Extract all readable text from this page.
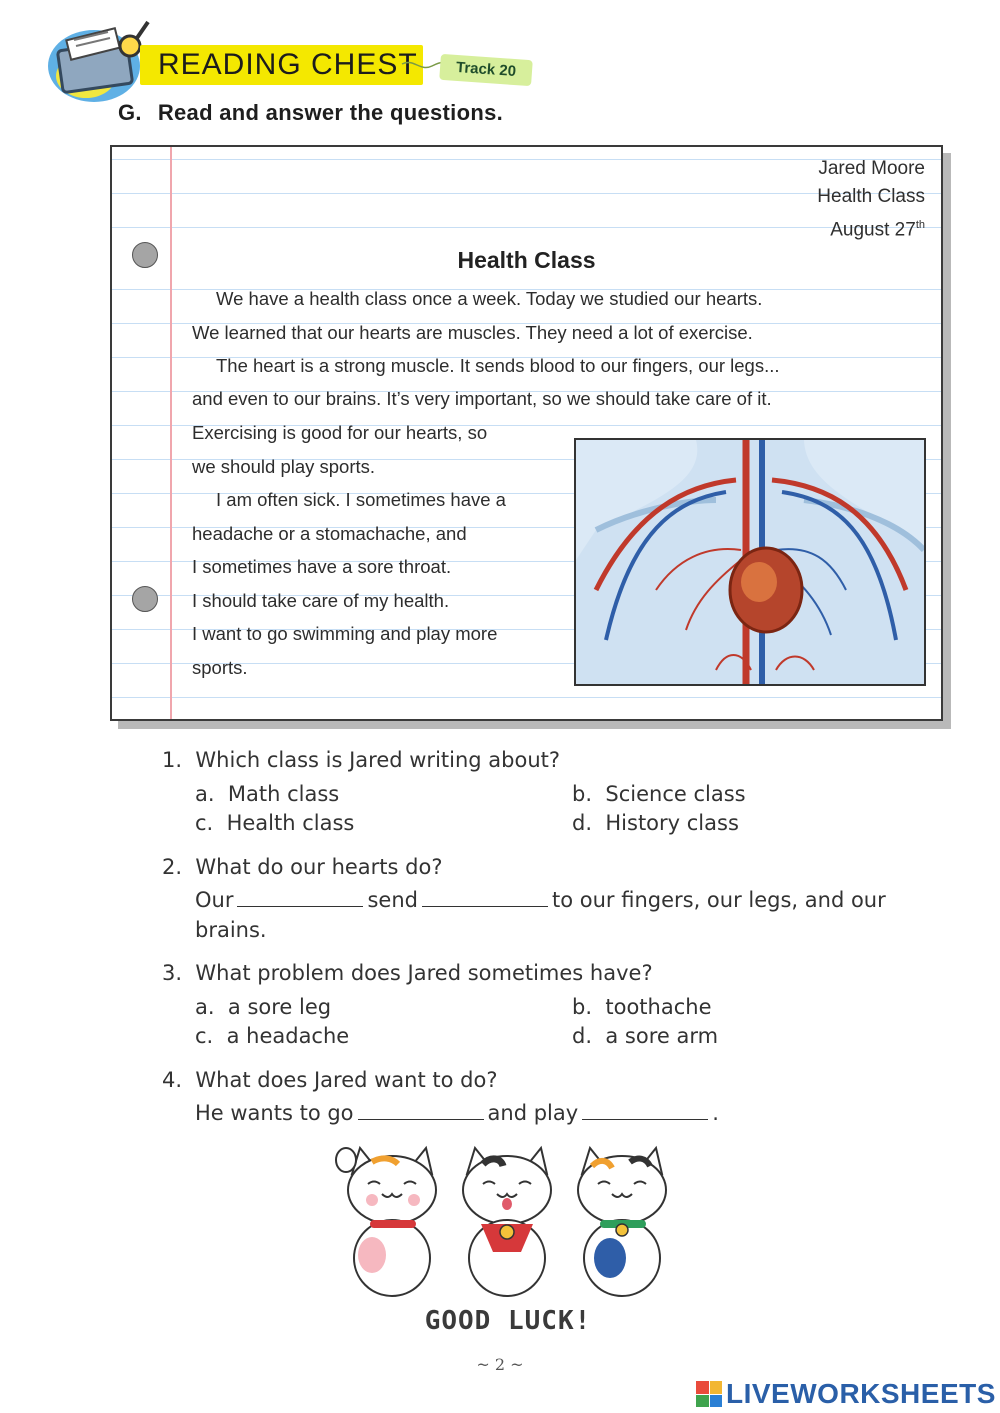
READING CHEST	Track 20
G. Read and answer the questions.
Jared Moore
Health Class
August 27th
Health Class
We have a health class once a week. Today we studied our hearts.
We learned that our hearts are muscles. They need a lot of exercise.
The heart is a strong muscle. It sends blood to our fingers, our legs...
and even to our brains. It’s very important, so we should take care of it.
Exercising is good for our hearts, so
we should play sports.
I am often sick. I sometimes have a
headache or a stomachache, and
I sometimes have a sore throat.
I should take care of my health.
I want to go swimming and play more
sports.
1. Which class is Jared writing about?
a. Math class	b. Science class
c. Health class	d. History class
2. What do our hearts do?
Our	send	to our fingers, our legs, and our
brains.
3. What problem does Jared sometimes have?
a. a sore leg	b. toothache
c. a headache	d. a sore arm
4. What does Jared want to do?
He wants to go	and play	.
GOOD LUCK!
~ 2 ~
LIVEWORKSHEETS
